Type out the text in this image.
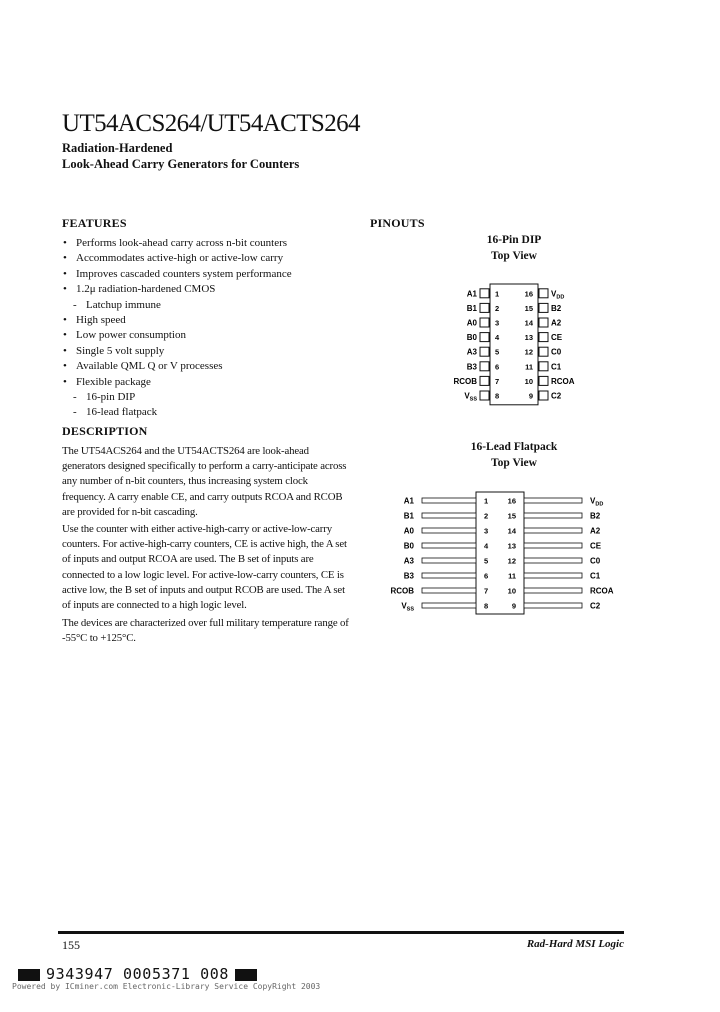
UT54ACS264/UT54ACTS264
Radiation-Hardened
Look-Ahead Carry Generators for Counters
FEATURES
• Performs look-ahead carry across n-bit counters
• Accommodates active-high or active-low carry
• Improves cascaded counters system performance
• 1.2μ radiation-hardened CMOS
- Latchup immune
• High speed
• Low power consumption
• Single 5 volt supply
• Available QML Q or V processes
• Flexible package
- 16-pin DIP
- 16-lead flatpack
DESCRIPTION
The UT54ACS264 and the UT54ACTS264 are look-ahead generators designed specifically to perform a carry-anticipate across any number of n-bit counters, thus increasing system clock frequency. A carry enable CE, and carry outputs RCOA and RCOB are provided for n-bit cascading.
Use the counter with either active-high-carry or active-low-carry counters. For active-high-carry counters, CE is active high, the A set of inputs and output RCOA are used. The B set of inputs are connected to a low logic level. For active-low-carry counters, CE is active low, the B set of inputs and output RCOB are used. The A set of inputs are connected to a high logic level.
The devices are characterized over full military temperature range of -55°C to +125°C.
PINOUTS
16-Pin DIP
Top View
A1 1
B1 2
A0 3
B0 4
A3 5
B3 6
RCOB 7
$V_{SS}$ 8
$V_{DD}$
16
B2
15
A2
14
CE
13
C0
12
C1
11
RCOA
10
C2
9
16-Lead Flatpack
Top View
A1	1
B1	2
A0	3
B0	4
A3	5
B3	6
RCOB	7
$V_{SS}$	8
$V_{DD}$
16
B2
15
A2
14
CE
13
C0
12
C1
11
RCOA
10
C2
9
155	Rad-Hard MSI Logic
9343947 0005371 008
Powered by ICminer.com Electronic-Library Service CopyRight 2003
